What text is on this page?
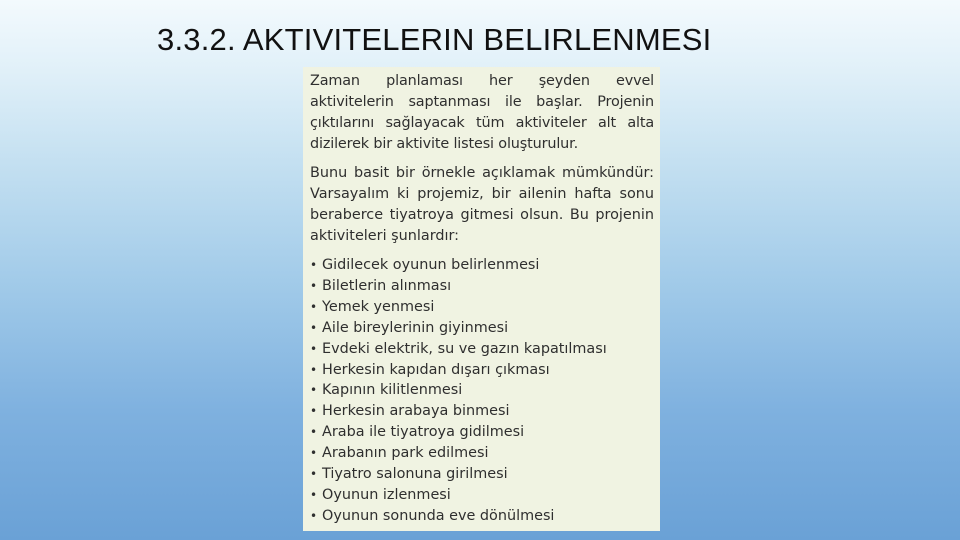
3.3.2. AKTIVITELERIN BELIRLENMESI

Zaman planlaması her şeyden evvel aktivitelerin saptanması ile başlar. Projenin çıktılarını sağlayacak tüm aktiviteler alt alta dizilerek bir aktivite listesi oluşturulur.

Bunu basit bir örnekle açıklamak mümkündür: Varsayalım ki projemiz, bir ailenin hafta sonu beraberce tiyatroya gitmesi olsun. Bu projenin aktiviteleri şunlardır:

• Gidilecek oyunun belirlenmesi
• Biletlerin alınması
• Yemek yenmesi
• Aile bireylerinin giyinmesi
• Evdeki elektrik, su ve gazın kapatılması
• Herkesin kapıdan dışarı çıkması
• Kapının kilitlenmesi
• Herkesin arabaya binmesi
• Araba ile tiyatroya gidilmesi
• Arabanın park edilmesi
• Tiyatro salonuna girilmesi
• Oyunun izlenmesi
• Oyunun sonunda eve dönülmesi
